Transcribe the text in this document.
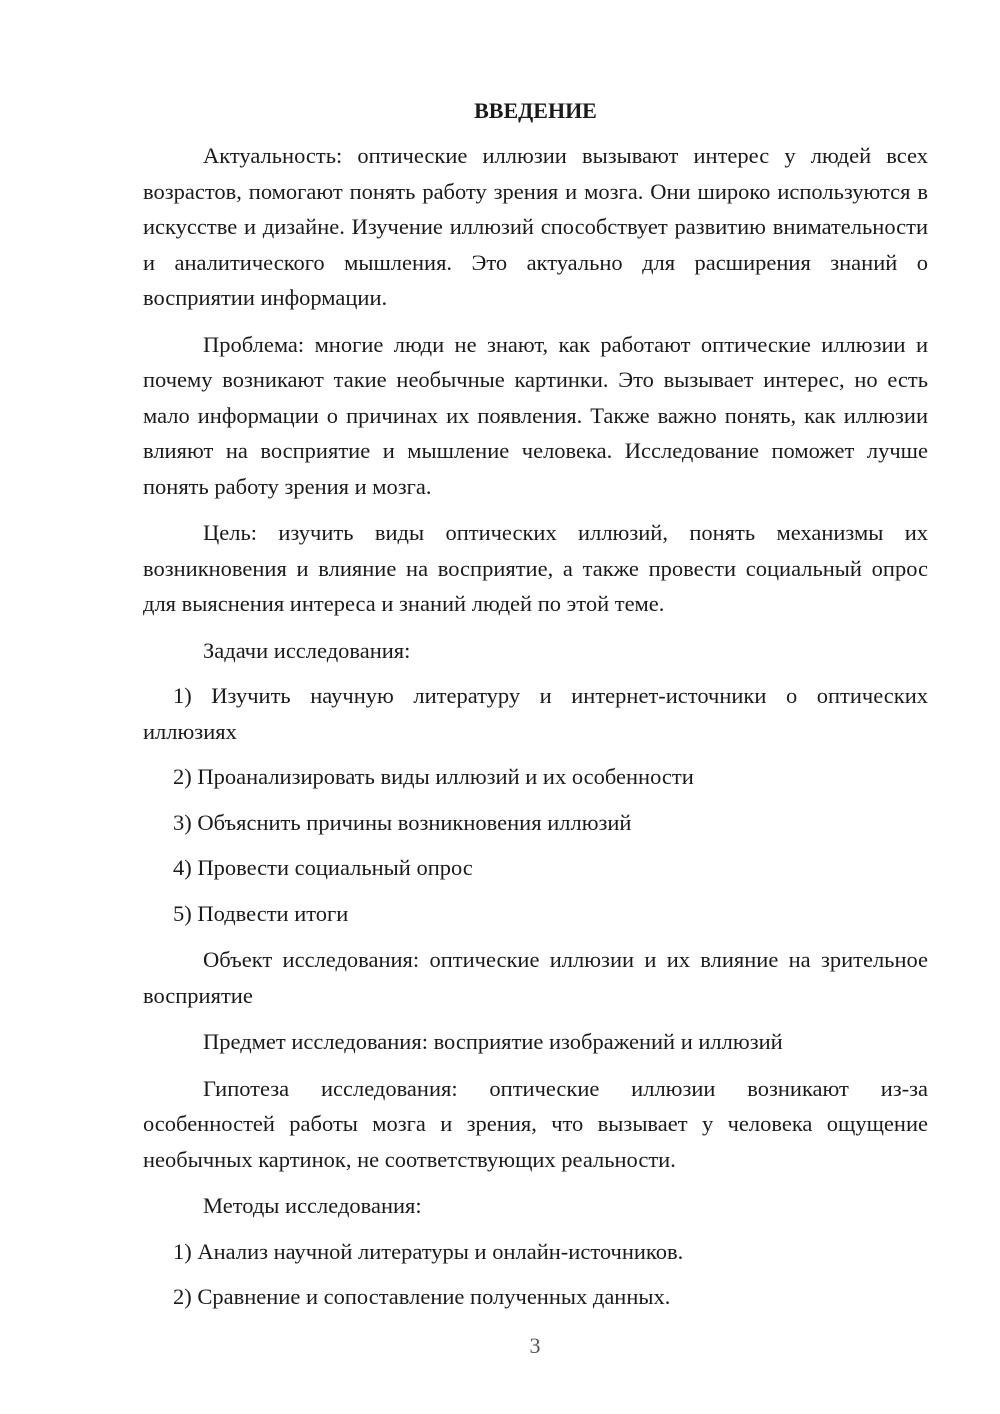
ВВЕДЕНИЕ

Актуальность: оптические иллюзии вызывают интерес у людей всех возрастов, помогают понять работу зрения и мозга. Они широко используются в искусстве и дизайне. Изучение иллюзий способствует развитию внимательности и аналитического мышления. Это актуально для расширения знаний о восприятии информации.

Проблема: многие люди не знают, как работают оптические иллюзии и почему возникают такие необычные картинки. Это вызывает интерес, но есть мало информации о причинах их появления. Также важно понять, как иллюзии влияют на восприятие и мышление человека. Исследование поможет лучше понять работу зрения и мозга.

Цель: изучить виды оптических иллюзий, понять механизмы их возникновения и влияние на восприятие, а также провести социальный опрос для выяснения интереса и знаний людей по этой теме.

Задачи исследования:

1) Изучить научную литературу и интернет-источники о оптических иллюзиях

2) Проанализировать виды иллюзий и их особенности

3) Объяснить причины возникновения иллюзий

4) Провести социальный опрос

5) Подвести итоги

Объект исследования: оптические иллюзии и их влияние на зрительное восприятие

Предмет исследования: восприятие изображений и иллюзий

Гипотеза исследования: оптические иллюзии возникают из-за особенностей работы мозга и зрения, что вызывает у человека ощущение необычных картинок, не соответствующих реальности.

Методы исследования:

1) Анализ научной литературы и онлайн-источников.

2) Сравнение и сопоставление полученных данных.

3
